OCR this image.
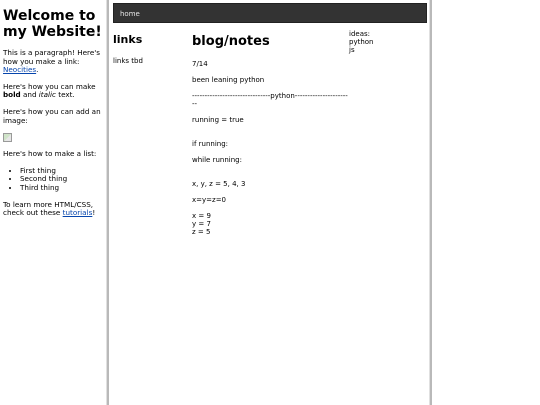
Welcome to my Website!

This is a paragraph! Here's how you make a link: Neocities.

Here's how you can make bold and italic text.

Here's how you can add an image:

Here's how to make a list:

• First thing
• Second thing
• Third thing

To learn more HTML/CSS, check out these tutorials!

home
links
links tbd
blog/notes

7/14

been leaning python

-------------------------------python-----------------------

running = true

if running:

while running:

x, y, z = 5, 4, 3

x=y=z=0

x = 9
y = 7
z = 5
ideas:
python
js
